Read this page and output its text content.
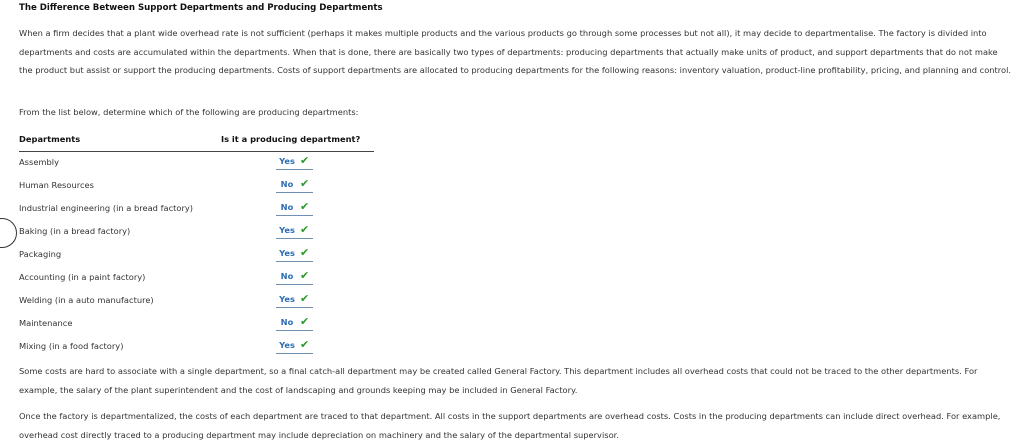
The Difference Between Support Departments and Producing Departments
When a firm decides that a plant wide overhead rate is not sufficient (perhaps it makes multiple products and the various products go through some processes but not all), it may decide to departmentalise. The factory is divided into departments and costs are accumulated within the departments. When that is done, there are basically two types of departments: producing departments that actually make units of product, and support departments that do not make the product but assist or support the producing departments. Costs of support departments are allocated to producing departments for the following reasons: inventory valuation, product-line profitability, pricing, and planning and control.
From the list below, determine which of the following are producing departments:
Departments	Is it a producing department?
Assembly	Yes ✔
Human Resources	No ✔
Industrial engineering (in a bread factory)	No ✔
Baking (in a bread factory)	Yes ✔
Packaging	Yes ✔
Accounting (in a paint factory)	No ✔
Welding (in a auto manufacture)	Yes ✔
Maintenance	No ✔
Mixing (in a food factory)	Yes ✔
Some costs are hard to associate with a single department, so a final catch-all department may be created called General Factory. This department includes all overhead costs that could not be traced to the other departments. For example, the salary of the plant superintendent and the cost of landscaping and grounds keeping may be included in General Factory.
Once the factory is departmentalized, the costs of each department are traced to that department. All costs in the support departments are overhead costs. Costs in the producing departments can include direct overhead. For example, overhead cost directly traced to a producing department may include depreciation on machinery and the salary of the departmental supervisor.
